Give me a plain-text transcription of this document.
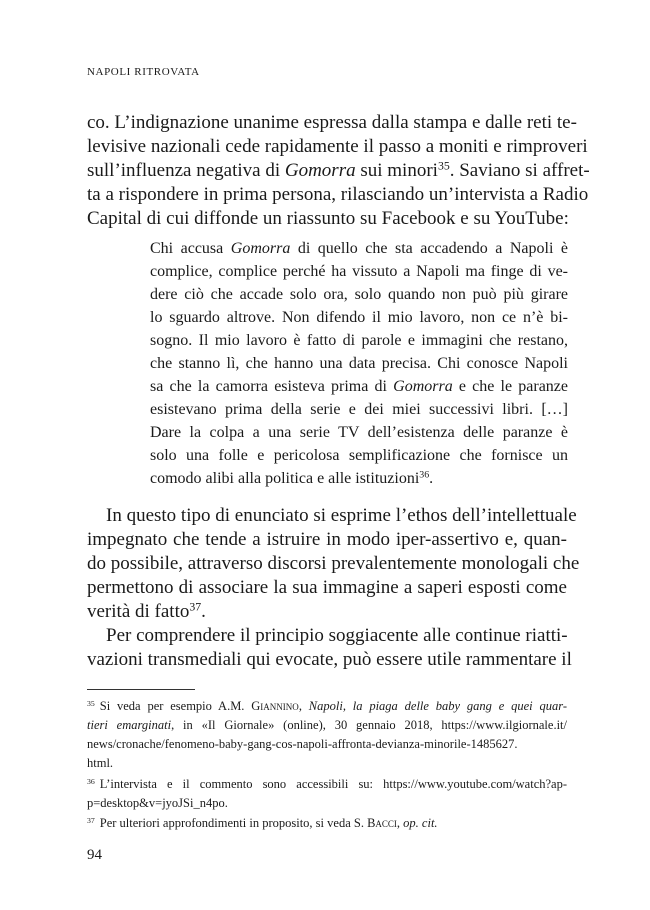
NAPOLI RITROVATA
co. L’indignazione unanime espressa dalla stampa e dalle reti te-
levisive nazionali cede rapidamente il passo a moniti e rimproveri
sull’influenza negativa di Gomorra sui minori$^{35}$. Saviano si affret-
ta a rispondere in prima persona, rilasciando un’intervista a Radio
Capital di cui diffonde un riassunto su Facebook e su YouTube:
Chi accusa Gomorra di quello che sta accadendo a Napoli è
complice, complice perché ha vissuto a Napoli ma finge di ve-
dere ciò che accade solo ora, solo quando non può più girare
lo sguardo altrove. Non difendo il mio lavoro, non ce n’è bi-
sogno. Il mio lavoro è fatto di parole e immagini che restano,
che stanno lì, che hanno una data precisa. Chi conosce Napoli
sa che la camorra esisteva prima di Gomorra e che le paranze
esistevano prima della serie e dei miei successivi libri. […]
Dare la colpa a una serie TV dell’esistenza delle paranze è
solo una folle e pericolosa semplificazione che fornisce un
comodo alibi alla politica e alle istituzioni$^{36}$.
In questo tipo di enunciato si esprime l’ethos dell’intellettuale
impegnato che tende a istruire in modo iper-assertivo e, quan-
do possibile, attraverso discorsi prevalentemente monologali che
permettono di associare la sua immagine a saperi esposti come
verità di fatto$^{37}$.
Per comprendere il principio soggiacente alle continue riatti-
vazioni transmediali qui evocate, può essere utile rammentare il
$^{35}$ Si veda per esempio A.M. Giannino, Napoli, la piaga delle baby gang e quei quar-
tieri emarginati, in «Il Giornale» (online), 30 gennaio 2018, https://www.ilgiornale.it/
news/cronache/fenomeno-baby-gang-cos-napoli-affronta-devianza-minorile-1485627.
html.
$^{36}$ L’intervista e il commento sono accessibili su: https://www.youtube.com/watch?ap-
p=desktop&v=jyoJSi_n4po.
$^{37}$ Per ulteriori approfondimenti in proposito, si veda S. Bacci, op. cit.
94
